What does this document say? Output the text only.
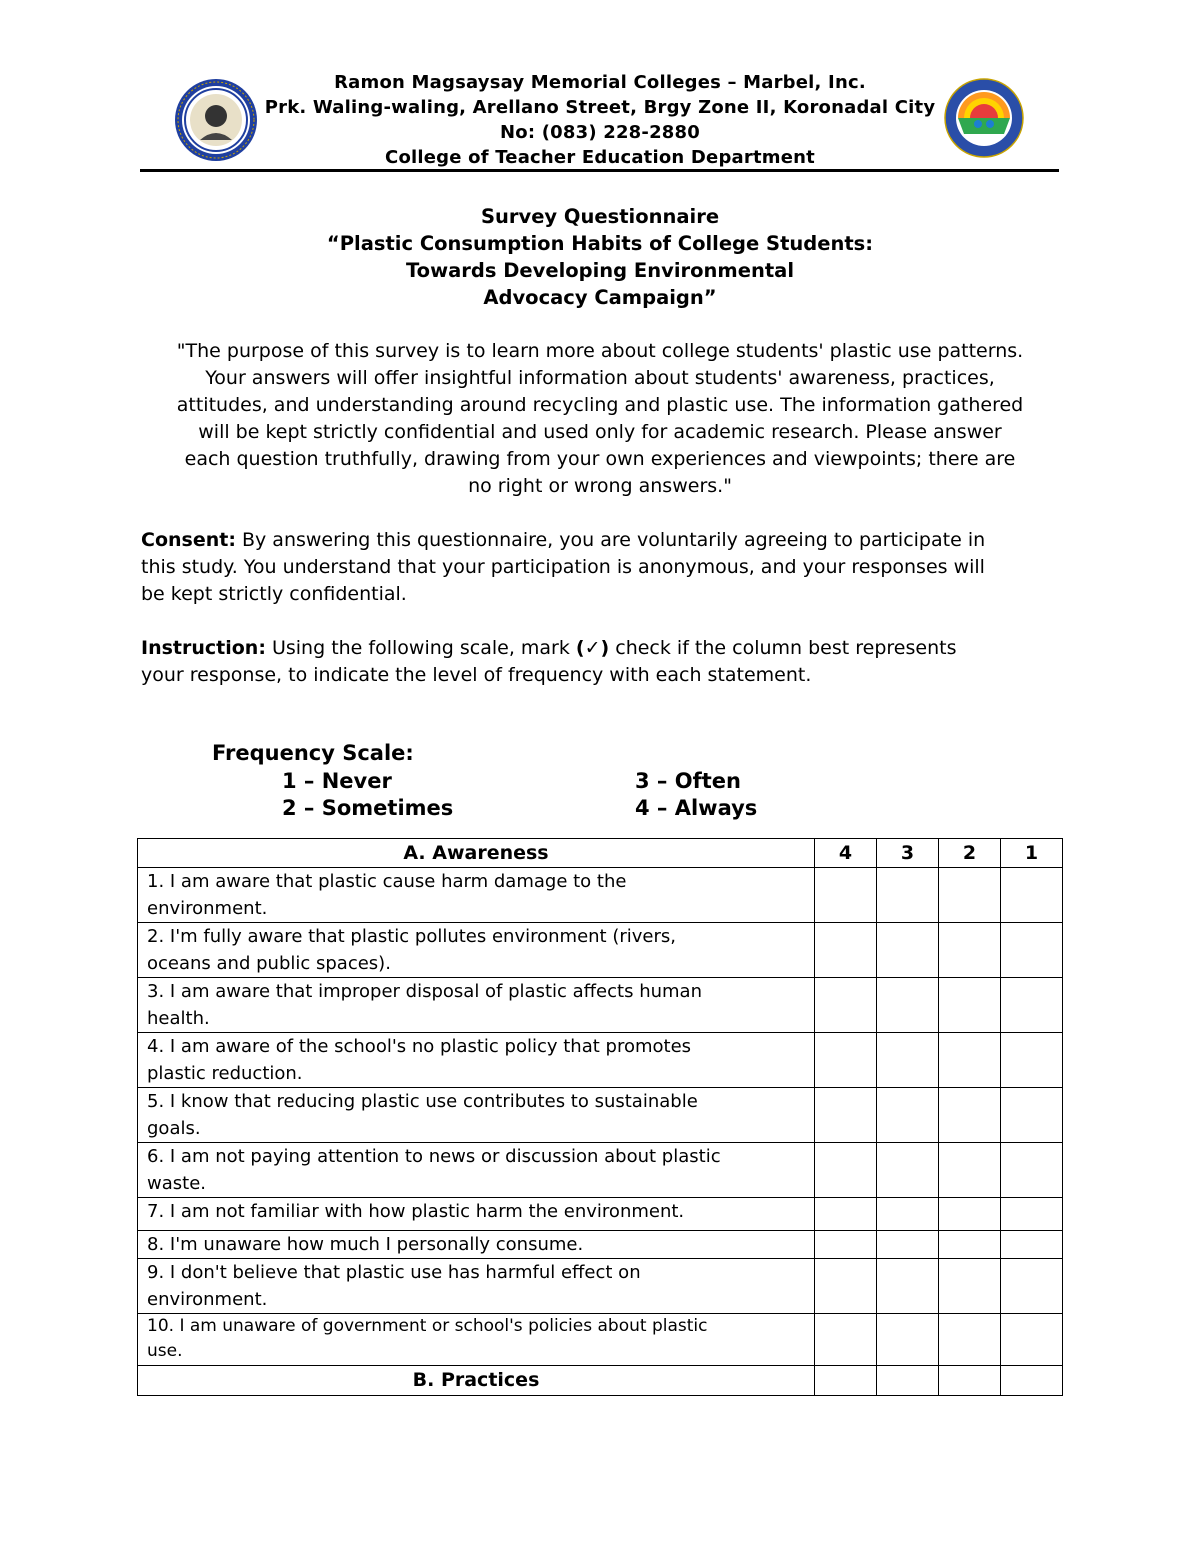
Ramon Magsaysay Memorial Colleges – Marbel, Inc.
Prk. Waling-waling, Arellano Street, Brgy Zone II, Koronadal City
No: (083) 228-2880
College of Teacher Education Department
Survey Questionnaire
“Plastic Consumption Habits of College Students:
Towards Developing Environmental
Advocacy Campaign”
"The purpose of this survey is to learn more about college students' plastic use patterns.
Your answers will offer insightful information about students' awareness, practices,
attitudes, and understanding around recycling and plastic use. The information gathered
will be kept strictly confidential and used only for academic research. Please answer
each question truthfully, drawing from your own experiences and viewpoints; there are
no right or wrong answers."
Consent: By answering this questionnaire, you are voluntarily agreeing to participate in
this study. You understand that your participation is anonymous, and your responses will
be kept strictly confidential.
Instruction: Using the following scale, mark (✓) check if the column best represents
your response, to indicate the level of frequency with each statement.
Frequency Scale:
1 – Never
2 – Sometimes
3 – Often
4 – Always
A. Awareness	4	3	2	1

1. I am aware that plastic cause harm damage to the
environment.				

2. I'm fully aware that plastic pollutes environment (rivers,
oceans and public spaces).				

3. I am aware that improper disposal of plastic affects human
health.				

4. I am aware of the school's no plastic policy that promotes
plastic reduction.				

5. I know that reducing plastic use contributes to sustainable
goals.				

6. I am not paying attention to news or discussion about plastic
waste.				

7. I am not familiar with how plastic harm the environment.				

8. I'm unaware how much I personally consume.				

9. I don't believe that plastic use has harmful effect on
environment.				

10. I am unaware of government or school's policies about plastic
use.				

B. Practices				
